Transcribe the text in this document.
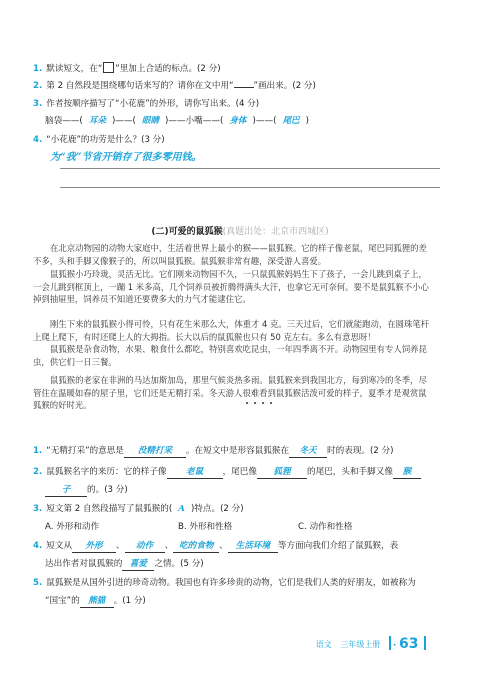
1. 默读短文，在“ ”里加上合适的标点。(2 分)
2. 第 2 自然段是围绕哪句话来写的？请你在文中用“ ”画出来。(2 分)
3. 作者按顺序描写了“小花鹿”的外形，请你写出来。(4 分)
脑袋——( 耳朵 )——( 眼睛 )——小嘴——( 身体 )——( 尾巴 )
4. “小花鹿”的功劳是什么？(3 分)
为“我”节省开销存了很多零用钱。
(二)可爱的鼠狐猴(真题出处：北京市西城区)

在北京动物园的动物大家庭中，生活着世界上最小的猴——鼠狐猴。它的样子像老鼠，尾巴同狐狸的差不多，头和手脚又像猴子的，所以叫鼠狐猴。鼠狐猴非常有趣，深受游人喜爱。

鼠狐猴小巧玲珑，灵活无比。它们刚来动物园不久，一只鼠狐猴妈妈生下了孩子，一会儿跳到桌子上，一会儿跳到框顶上，一蹦 1 米多高，几个饲养员被折腾得满头大汗，也拿它无可奈何。要不是鼠狐猴不小心掉到抽屉里，饲养员不知道还要费多大的力气才能逮住它。

刚生下来的鼠狐猴小得可怜，只有花生米那么大，体重才 4 克。三天过后，它们就能跑动，在圆珠笔杆上爬上爬下，有时还爬上人的大拇指。长大以后的鼠狐猴也只有 50 克左右。多么有意思呀！

鼠狐猴是杂食动物，水果、粮食什么都吃，特别喜欢吃昆虫，一年四季离不开。动物园里有专人饲养昆虫，供它们一日三餐。

鼠狐猴的老家在非洲的马达加斯加岛，那里气候炎热多雨。鼠狐猴来到我国北方，每到寒冷的冬季，尽管住在温暖如春的屋子里，它们还是无精打采。冬天游人很难看到鼠狐猴活泼可爱的样子，夏季才是观赏鼠狐猴的好时光。

1. “无精打采”的意思是 没精打采 。在短文中是形容鼠狐猴在 冬天 时的表现。(2 分)
2. 鼠狐猴名字的来历：它的样子像 老鼠 ，尾巴像 狐狸 的尾巴，头和手脚又像 猴
子 的。(3 分)
3. 短文第 2 自然段描写了鼠狐猴的( A )特点。(2 分)
A. 外形和动作	B. 外形和性格	C. 动作和性格
4. 短文从 外形 、 动作 、 吃的食物 、 生活环境 等方面向我们介绍了鼠狐猴，表
达出作者对鼠狐猴的 喜爱 之情。(5 分)
5. 鼠狐猴是从国外引进的珍奇动物。我国也有许多珍贵的动物，它们是我们人类的好朋友，如被称为
“国宝”的 熊猫 。(1 分)
语文 三年级上册 • 63
